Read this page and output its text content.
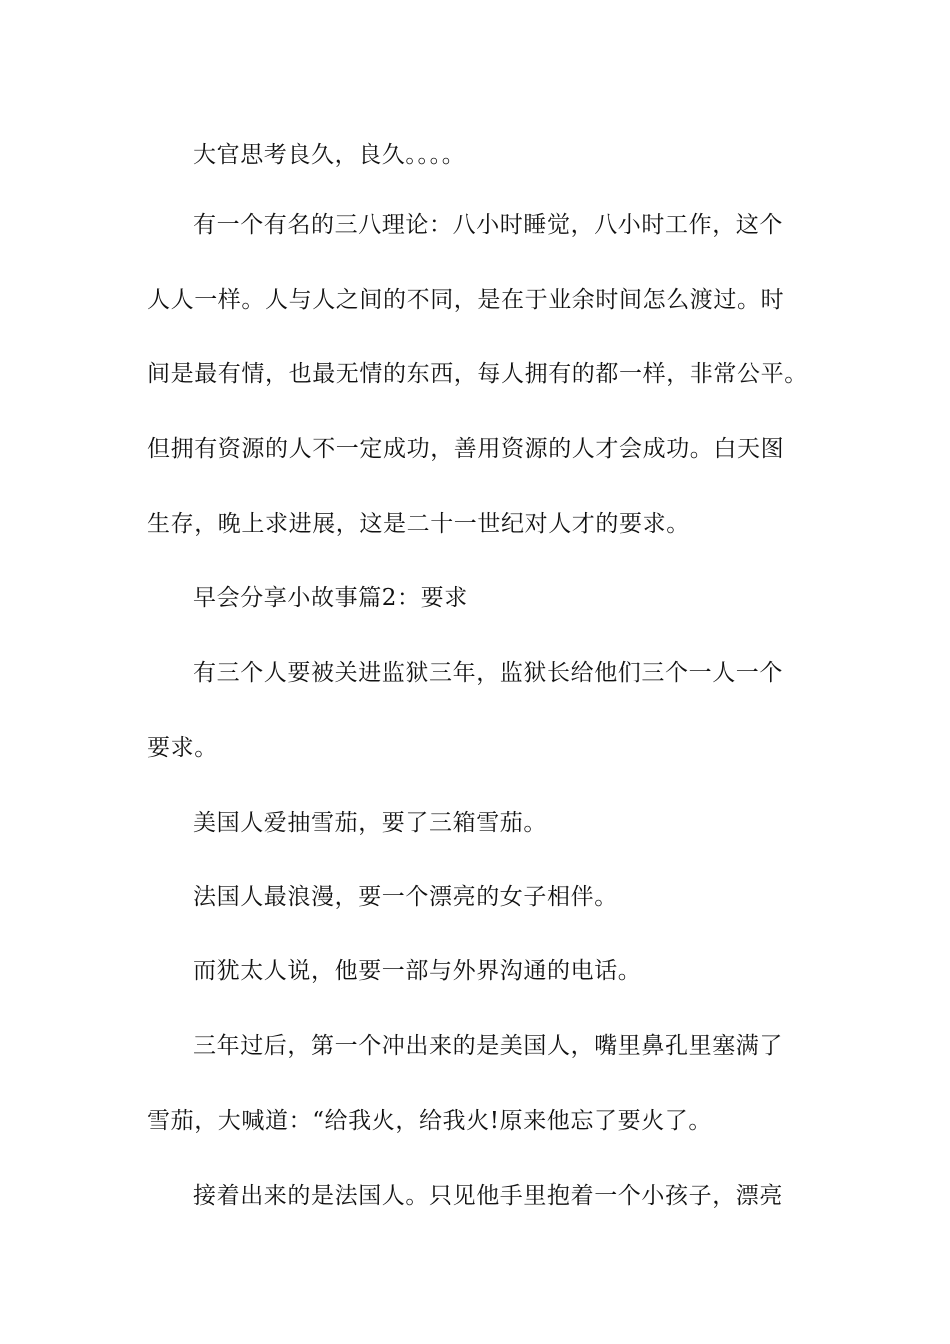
大官思考良久，良久。。。。
有一个有名的三八理论：八小时睡觉，八小时工作，这个
人人一样。人与人之间的不同，是在于业余时间怎么渡过。时
间是最有情，也最无情的东西，每人拥有的都一样，非常公平。
但拥有资源的人不一定成功，善用资源的人才会成功。白天图
生存，晚上求进展，这是二十一世纪对人才的要求。
早会分享小故事篇2：要求
有三个人要被关进监狱三年，监狱长给他们三个一人一个
要求。
美国人爱抽雪茄，要了三箱雪茄。
法国人最浪漫，要一个漂亮的女子相伴。
而犹太人说，他要一部与外界沟通的电话。
三年过后，第一个冲出来的是美国人，嘴里鼻孔里塞满了
雪茄，大喊道：“给我火，给我火!原来他忘了要火了。
接着出来的是法国人。只见他手里抱着一个小孩子，漂亮
